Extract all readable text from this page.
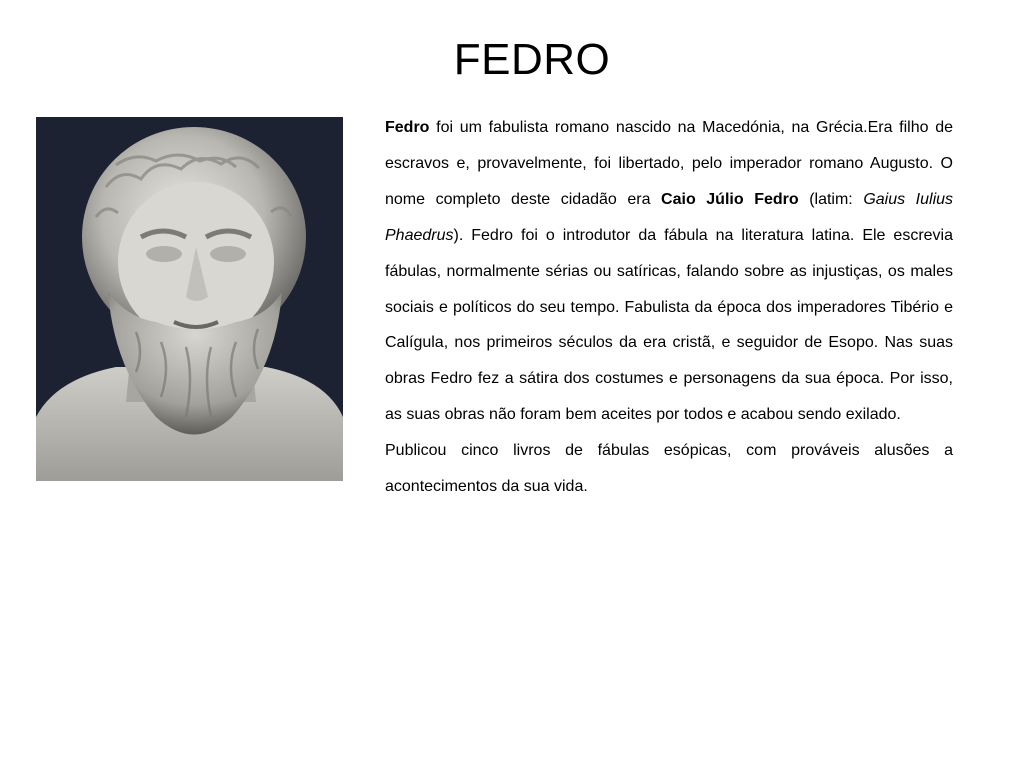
FEDRO

Fedro foi um fabulista romano nascido na Macedónia, na Grécia.Era filho de escravos e, provavelmente, foi libertado, pelo imperador romano Augusto. O nome completo deste cidadão era Caio Júlio Fedro (latim: Gaius Iulius Phaedrus). Fedro foi o introdutor da fábula na literatura latina. Ele escrevia fábulas, normalmente sérias ou satíricas, falando sobre as injustiças, os males sociais e políticos do seu tempo. Fabulista da época dos imperadores Tibério e Calígula, nos primeiros séculos da era cristã, e seguidor de Esopo. Nas suas obras Fedro fez a sátira dos costumes e personagens da sua época. Por isso, as suas obras não foram bem aceites por todos e acabou sendo exilado.

Publicou cinco livros de fábulas esópicas, com prováveis alusões a acontecimentos da sua vida.
